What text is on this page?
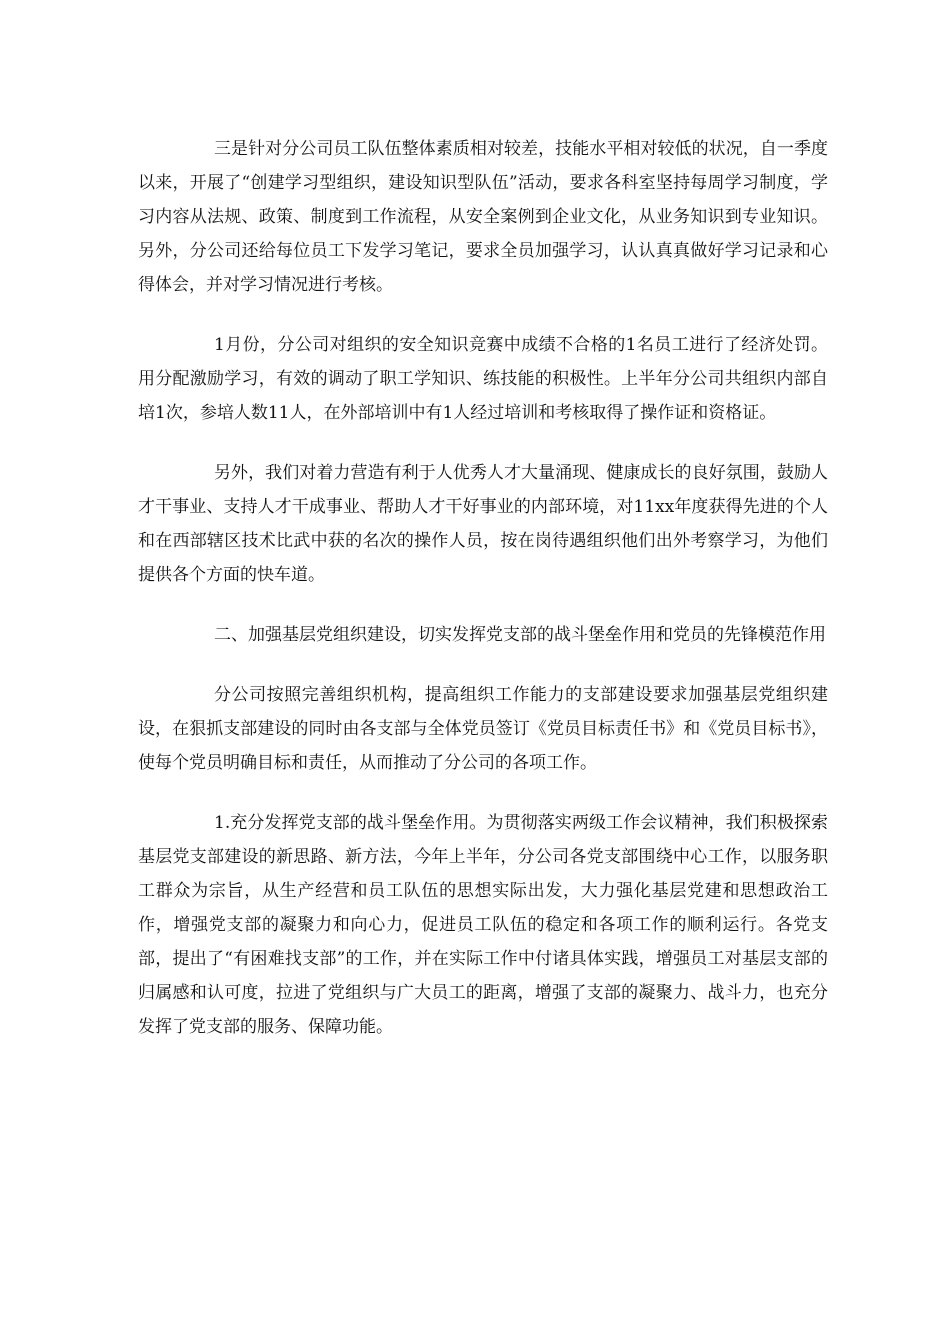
三是针对分公司员工队伍整体素质相对较差，技能水平相对较低的状况，自一季度以来，开展了“创建学习型组织，建设知识型队伍”活动，要求各科室坚持每周学习制度，学习内容从法规、政策、制度到工作流程，从安全案例到企业文化，从业务知识到专业知识。另外，分公司还给每位员工下发学习笔记，要求全员加强学习，认认真真做好学习记录和心得体会，并对学习情况进行考核。

1月份，分公司对组织的安全知识竞赛中成绩不合格的1名员工进行了经济处罚。用分配激励学习，有效的调动了职工学知识、练技能的积极性。上半年分公司共组织内部自培1次，参培人数11人，在外部培训中有1人经过培训和考核取得了操作证和资格证。

另外，我们对着力营造有利于人优秀人才大量涌现、健康成长的良好氛围，鼓励人才干事业、支持人才干成事业、帮助人才干好事业的内部环境，对11xx年度获得先进的个人和在西部辖区技术比武中获的名次的操作人员，按在岗待遇组织他们出外考察学习，为他们提供各个方面的快车道。

二、加强基层党组织建设，切实发挥党支部的战斗堡垒作用和党员的先锋模范作用

分公司按照完善组织机构，提高组织工作能力的支部建设要求加强基层党组织建设，在狠抓支部建设的同时由各支部与全体党员签订《党员目标责任书》和《党员目标书》，使每个党员明确目标和责任，从而推动了分公司的各项工作。

1.充分发挥党支部的战斗堡垒作用。为贯彻落实两级工作会议精神，我们积极探索基层党支部建设的新思路、新方法，今年上半年，分公司各党支部围绕中心工作，以服务职工群众为宗旨，从生产经营和员工队伍的思想实际出发，大力强化基层党建和思想政治工作，增强党支部的凝聚力和向心力，促进员工队伍的稳定和各项工作的顺利运行。各党支部，提出了“有困难找支部”的工作，并在实际工作中付诸具体实践，增强员工对基层支部的归属感和认可度，拉进了党组织与广大员工的距离，增强了支部的凝聚力、战斗力，也充分发挥了党支部的服务、保障功能。
